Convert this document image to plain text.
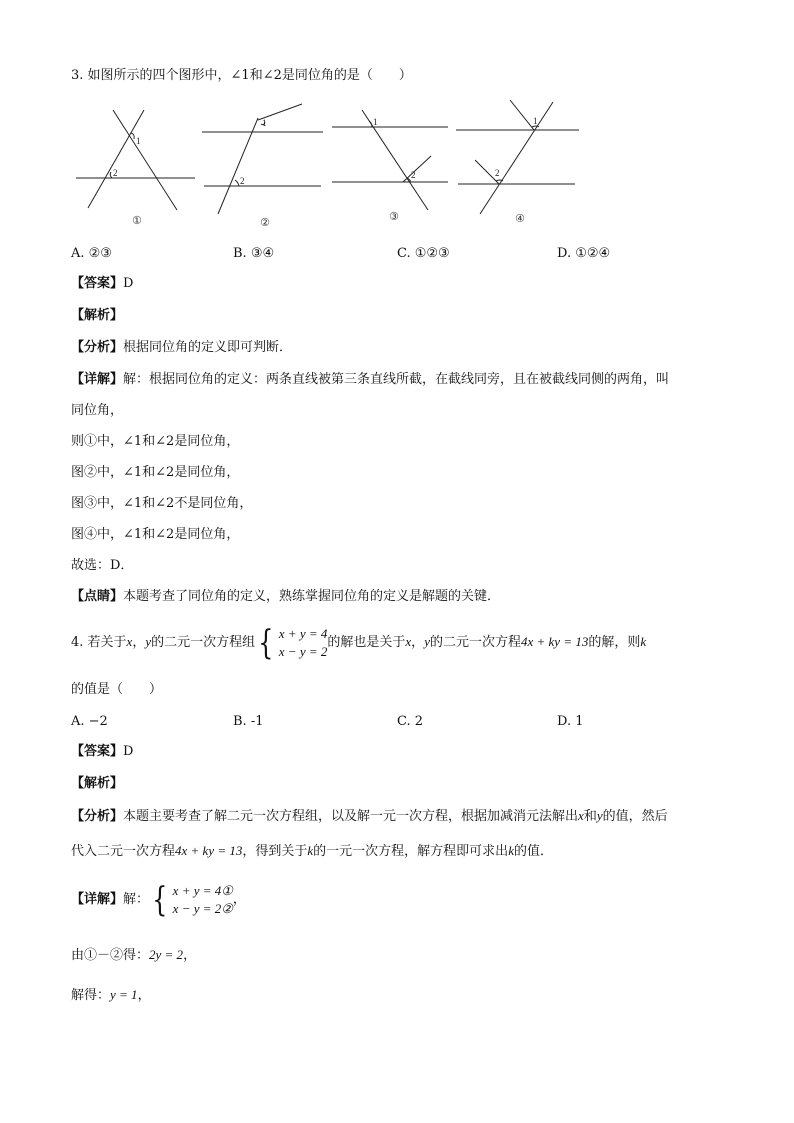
3. 如图所示的四个图形中，∠1和∠2是同位角的是（　　）
1
2
①
1
2
②
1
2
③
1
2
④
A. ②③	B. ③④	C. ①②③	D. ①②④
【答案】D
【解析】
【分析】根据同位角的定义即可判断．
【详解】解：根据同位角的定义：两条直线被第三条直线所截，在截线同旁，且在被截线同侧的两角，叫
同位角，
则①中，∠1和∠2是同位角，
图②中，∠1和∠2是同位角，
图③中，∠1和∠2不是同位角，
图④中，∠1和∠2是同位角，
故选：D．
【点睛】本题考查了同位角的定义，熟练掌握同位角的定义是解题的关键．
4. 若关于x，y的二元一次方程组 { x + y = 4
x − y = 2
的解也是关于x，y的二元一次方程4x + ky = 13的解，则k
的值是（　　）
A. −2	B. -1	C. 2	D. 1
【答案】D
【解析】
【分析】本题主要考查了解二元一次方程组，以及解一元一次方程，根据加减消元法解出x和y的值，然后
代入二元一次方程4x + ky = 13，得到关于k的一元一次方程，解方程即可求出k的值．
【详解】解： { x + y = 4①
x − y = 2②
，
由①－②得：2y = 2，
解得：y = 1，
